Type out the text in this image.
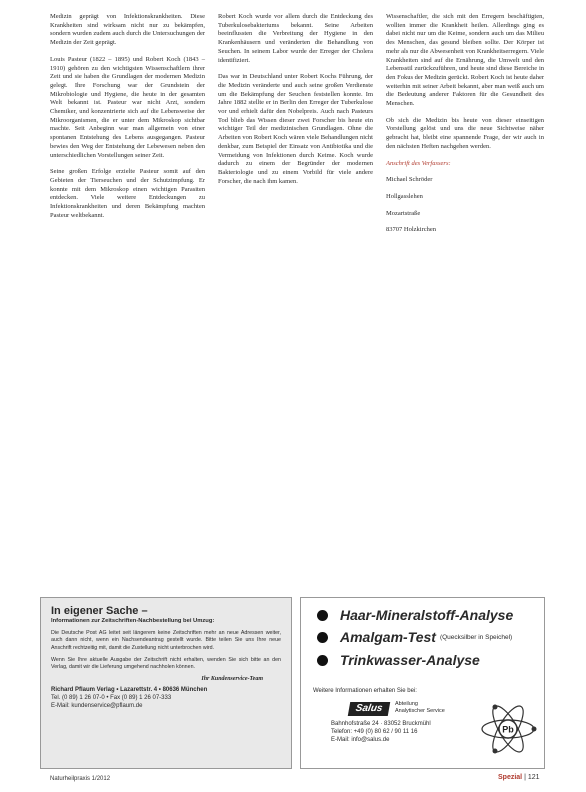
Medizin geprägt von Infektionskrankheiten. Diese Krankheiten sind wirksam nicht nur zu bekämpfen, sondern wurden zudem auch durch die Untersuchungen der Medizin der Zeit geprägt.

Louis Pasteur (1822 – 1895) und Robert Koch (1843 – 1910) gehören zu den wichtigsten Wissenschaftlern ihrer Zeit und sie haben die Grundlagen der modernen Medizin gelegt. Ihre Forschung war der Grundstein der Mikrobiologie und Hygiene, die heute in der gesamten Welt bekannt ist. Pasteur war nicht Arzt, sondern Chemiker, und konzentrierte sich auf die Lebensweise der Mikroorganismen, die er unter dem Mikroskop sichtbar machte. Seit Anbeginn war man allgemein von einer spontanen Entstehung des Lebens ausgegangen. Pasteur bewies den Weg der Entstehung der Lebewesen neben den unterschiedlichen Vorstellungen seiner Zeit.

Seine großen Erfolge erzielte Pasteur somit auf den Gebieten der Tierseuchen und der Schutzimpfung. Er konnte mit dem Mikroskop einen wichtigen Parasiten entdecken. Viele weitere Entdeckungen zu Infektionskrankheiten und deren Bekämpfung machten Pasteur weltbekannt.

Robert Koch wurde vor allem durch die Entdeckung des Tuberkulosebakteriums bekannt. Seine Arbeiten beeinflussten die Verbreitung der Hygiene in den Krankenhäusern und veränderten die Behandlung von Seuchen. In seinem Labor wurde der Erreger der Cholera identifiziert.

Das war in Deutschland unter Robert Kochs Führung, der die Medizin veränderte und auch seine großen Verdienste um die Bekämpfung der Seuchen feststellen konnte. Im Jahre 1882 stellte er in Berlin den Erreger der Tuberkulose vor und erhielt dafür den Nobelpreis. Auch nach Pasteurs Tod blieb das Wissen dieser zwei Forscher bis heute ein wichtiger Teil der medizinischen Grundlagen. Ohne die Arbeiten von Robert Koch wären viele Behandlungen nicht denkbar, zum Beispiel der Einsatz von Antibiotika und die Vermeidung von Infektionen durch Keime. Koch wurde dadurch zu einem der Begründer der modernen Bakteriologie und zu einem Vorbild für viele andere Forscher, die nach ihm kamen.

Wissenschaftler, die sich mit den Erregern beschäftigten, wollten immer die Krankheit heilen. Allerdings ging es dabei nicht nur um die Keime, sondern auch um das Milieu des Menschen, das gesund bleiben sollte. Der Körper ist mehr als nur die Abwesenheit von Krankheitserregern. Viele Krankheiten sind auf die Ernährung, die Umwelt und den Lebensstil zurückzuführen, und heute sind diese Bereiche in den Fokus der Medizin gerückt. Robert Koch ist heute daher weiterhin mit seiner Arbeit bekannt, aber man weiß auch um die Bedeutung anderer Faktoren für die Gesundheit des Menschen.

Ob sich die Medizin bis heute von dieser einseitigen Vorstellung gelöst und uns die neue Sichtweise näher gebracht hat, bleibt eine spannende Frage, der wir auch in den nächsten Heften nachgehen werden.

Anschrift des Verfassers:

Michael Schröder

Hollgasslehen

Mozartstraße

83707 Holzkirchen

In eigener Sache –
Informationen zur Zeitschriften-Nachbestellung bei Umzug:

Die Deutsche Post AG leitet seit längerem keine Zeitschriften mehr an neue Adressen weiter, auch dann nicht, wenn ein Nachsendeantrag gestellt wurde. Bitte teilen Sie uns Ihre neue Anschrift rechtzeitig mit, damit die Zustellung nicht unterbrochen wird.

Wenn Sie Ihre aktuelle Ausgabe der Zeitschrift nicht erhalten, wenden Sie sich bitte an den Verlag, damit wir die Lieferung umgehend nachholen können.

Ihr Kundenservice-Team
Richard Pflaum Verlag • Lazarettstr. 4 • 80636 München
Tel. (0 89) 1 26 07-0 • Fax (0 89) 1 26 07-333
E-Mail: kundenservice@pflaum.de
Haar-Mineralstoff-Analyse
Amalgam-Test (Quecksilber in Speichel)
Trinkwasser-Analyse
Weitere Informationen erhalten Sie bei:
Salus	Abteilung
Analytischer Service
Bahnhofstraße 24 · 83052 Bruckmühl
Telefon: +49 (0) 80 62 / 90 11 16
E-Mail: info@salus.de
Pb
Naturheilpraxis 1/2012	Spezial | 121
